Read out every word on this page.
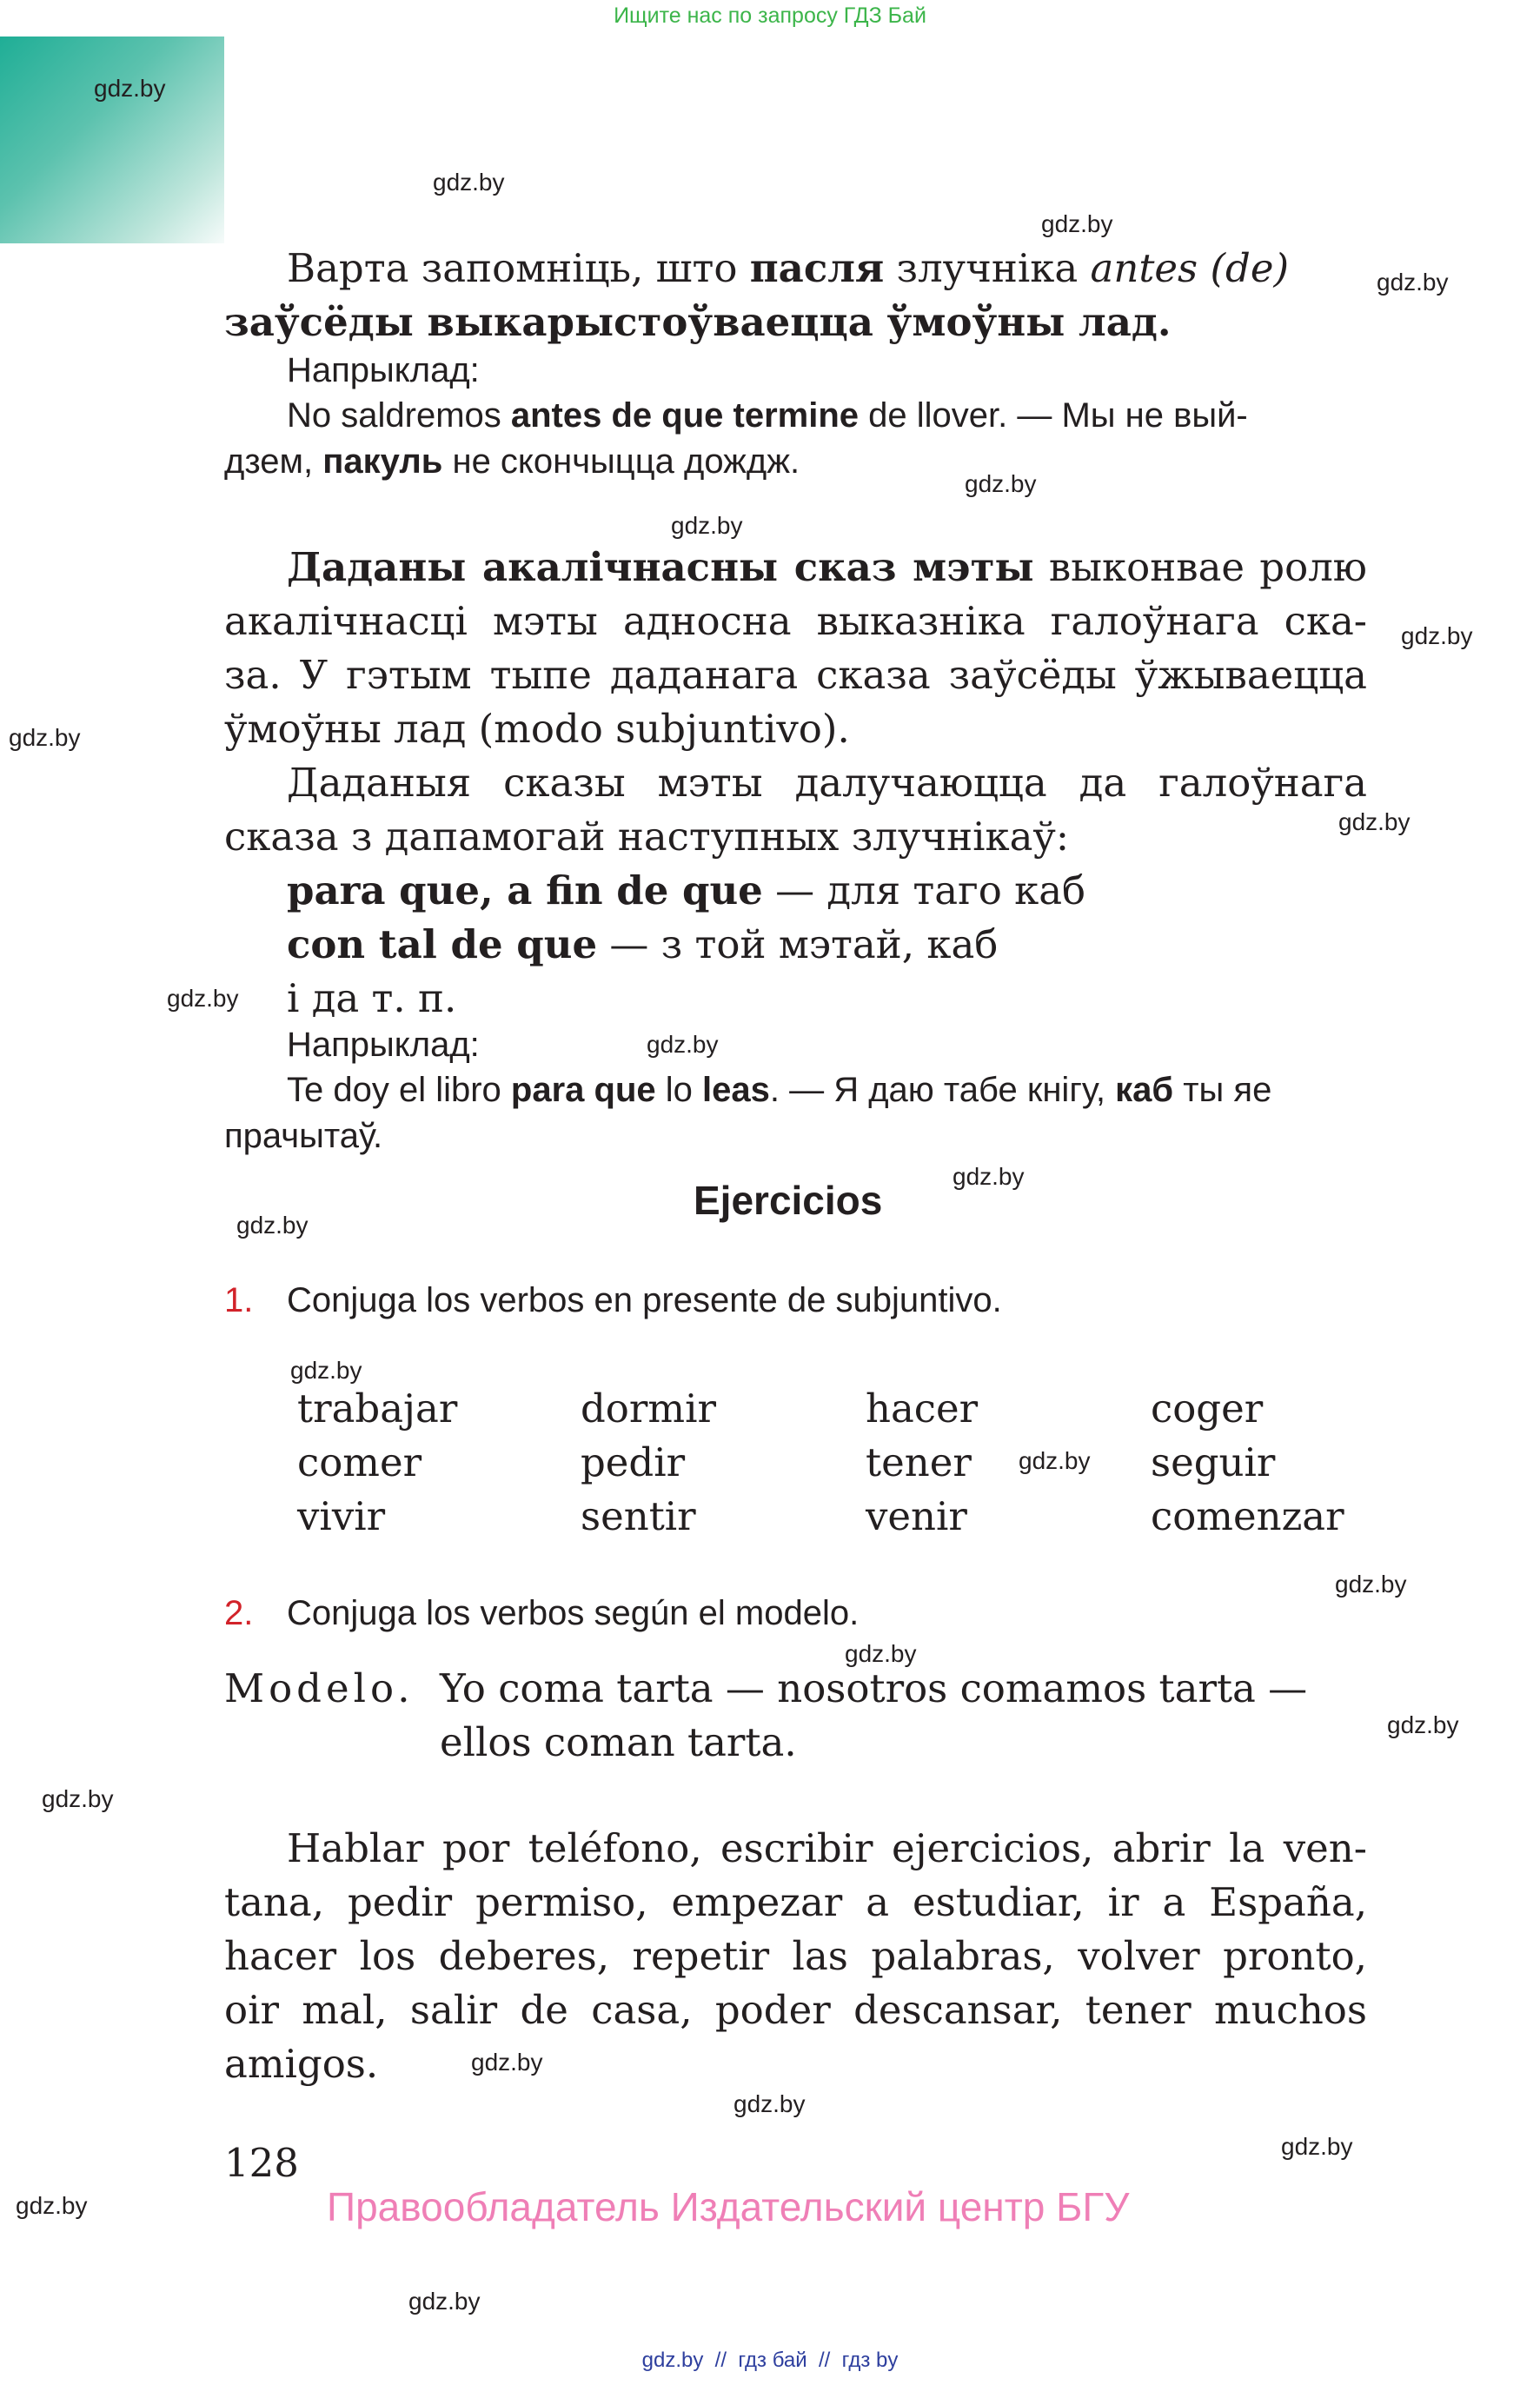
Ищите нас по запросу ГДЗ Бай
gdz.by
gdz.by
gdz.by
gdz.by
gdz.by
gdz.by
gdz.by
gdz.by
gdz.by
gdz.by
gdz.by
gdz.by
gdz.by
gdz.by
gdz.by
gdz.by
gdz.by
gdz.by
gdz.by
gdz.by
gdz.by
gdz.by
gdz.by
gdz.by
Варта запомніць, што пасля злучніка antes (de)
заўсёды выкарыстоўваецца ўмоўны лад.
Напрыклад:
No saldremos antes de que termine de llover. — Мы не вый-
дзем, пакуль не скончыцца дождж.
Даданы акалічнасны сказ мэты выконвае ролю
акалічнасці мэты адносна выказніка галоўнага ска-
за. У гэтым тыпе даданага сказа заўсёды ўжываецца
ўмоўны лад (modo subjuntivo).
Даданыя сказы мэты далучаюцца да галоўнага
сказа з дапамогай наступных злучнікаў:
para que, a fin de que — для таго каб
con tal de que — з той мэтай, каб
і да т. п.
Напрыклад:
Te doy el libro para que lo leas. — Я даю табе кнігу, каб ты яе
прачытаў.
Ejercicios
1. Conjuga los verbos en presente de subjuntivo.
trabajar	dormir	hacer	coger
comer	pedir	tener	seguir
vivir	sentir	venir	comenzar
2. Conjuga los verbos según el modelo.
Modelo. Yo coma tarta — nosotros comamos tarta —
ellos coman tarta.
Hablar por teléfono, escribir ejercicios, abrir la ven-
tana, pedir permiso, empezar a estudiar, ir a España,
hacer los deberes, repetir las palabras, volver pronto,
oir mal, salir de casa, poder descansar, tener muchos
amigos.
128
Правообладатель Издательский центр БГУ
gdz.by  //  гдз бай  //  гдз by
